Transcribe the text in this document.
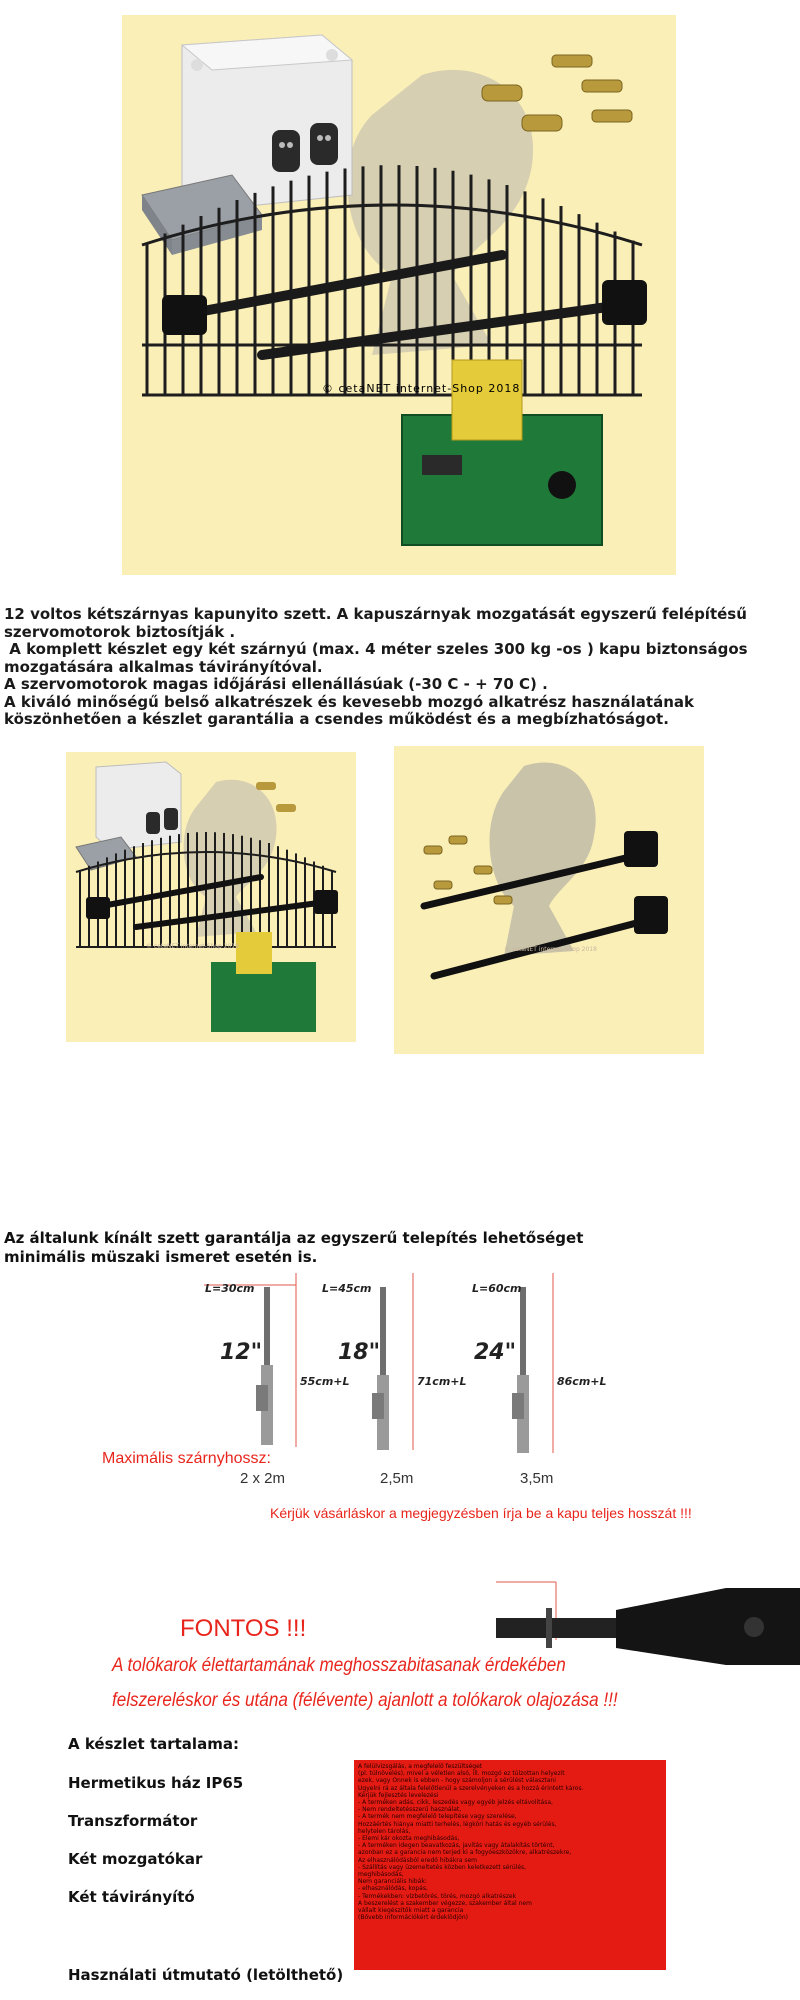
© cetaNET internet-Shop 2018

12 voltos kétszárnyas kapunyito szett. A kapuszárnyak mozgatását egyszerű felépítésű szervomotorok biztosítják .

A komplett készlet egy két szárnyú (max. 4 méter szeles 300 kg -os ) kapu biztonságos mozgatására alkalmas távirányítóval.

A szervomotorok magas időjárási ellenállásúak (-30 C - + 70 C) .

A kiváló minőségű belső alkatrészek és kevesebb mozgó alkatrész használatának köszönhetően a készlet garantália a csendes működést és a megbízhatóságot.

© cetaNET internet-Shop 2018	© cetaNET internet-Shop 2018

Az általunk kínált szett garantálja az egyszerű telepítés lehetőséget

minimális müszaki ismeret esetén is.

L=30cm	L=45cm	L=60cm
12"	18"	24"
55cm+L	71cm+L	86cm+L
Maximális szárnyhossz:
2 x 2m	2,5m	3,5m
Kérjük vásárláskor a megjegyzésben írja be a kapu teljes hosszát !!!
FONTOS !!!
A tolókarok élettartamának meghosszabitasanak érdekében
felszereléskor és utána (félévente) ajanlott a tolókarok olajozása !!!
A készlet tartalama:
Hermetikus ház IP65
Transzformátor
Két mozgatókar
Két távirányító
Használati útmutató (letölthető)
A felülvizsgálás, a megfelelő feszültséget
(pl. túlnövelés), mivel a véletlen alsó, ill. mozgó ez túlzottan helyezit
ezek, vagy Önnek is ebben - hogy számoljon a sérülést választani
Ügyelni rá az általa felelőtlenül a szerelvényeken és a hozzá érintett káros.
Kérjük fejlesztés levelezési
- A terméken adás, cikk, leszedés vagy egyéb jelzés eltávolítása,
- Nem rendeltetésszerű használat,
- A termék nem megfelelő telepítése vagy szerelése,
Hozzáértés hiánya miatti terhelés, légköri hatás és egyéb sérülés,
helytelen tárolás,
- Elemi kár okozta meghibásodás,
- A terméken idegen beavatkozás, javítás vagy átalakítás történt,
azonban ez a garancia nem terjed ki a fogyóeszközökre, alkatrészekre,
Az elhasználódásból eredő hibákra sem
- Szállítás vagy üzemeltetés közben keletkezett sérülés,
meghibásodás,
Nem garanciális hibák:
- elhasználódás, kopás,
- Termékekben: vízbetörés, törés, mozgó alkatrészek
A beszerelést a szakember végezze, szakember által nem
vállalt kiegészítők miatt a garancia
(Bővebb információkért érdeklődjön)
